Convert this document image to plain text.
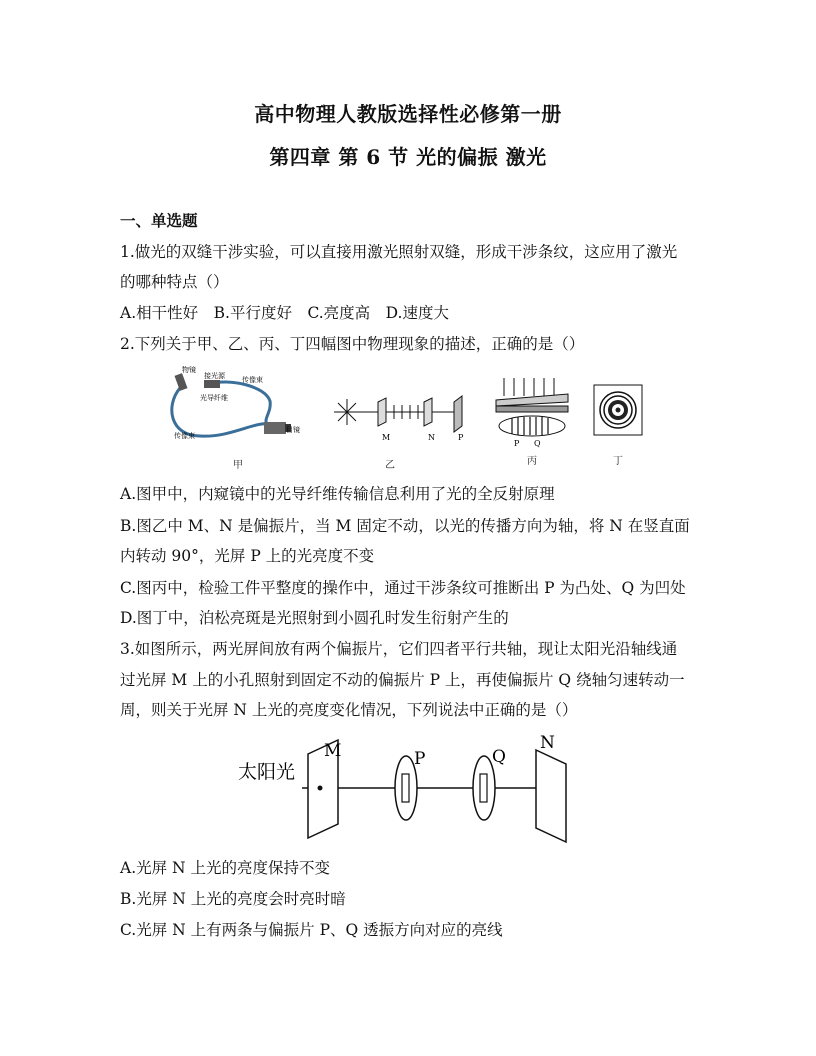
高中物理人教版选择性必修第一册
第四章 第 6 节 光的偏振 激光
一、单选题
1.做光的双缝干涉实验，可以直接用激光照射双缝，形成干涉条纹，这应用了激光
的哪种特点（）
A.相干性好　B.平行度好　C.亮度高　D.速度大
2.下列关于甲、乙、丙、丁四幅图中物理现象的描述，正确的是（）
物镜
接光源 传像束
光导纤维
传像束
目镜
M	N	P
P Q
甲	乙	丙	丁
A.图甲中，内窥镜中的光导纤维传输信息利用了光的全反射原理
B.图乙中 M、N 是偏振片，当 M 固定不动，以光的传播方向为轴，将 N 在竖直面
内转动 90°，光屏 P 上的光亮度不变
C.图丙中，检验工件平整度的操作中，通过干涉条纹可推断出 P 为凸处、Q 为凹处
D.图丁中，泊松亮斑是光照射到小圆孔时发生衍射产生的
3.如图所示，两光屏间放有两个偏振片，它们四者平行共轴，现让太阳光沿轴线通
过光屏 M 上的小孔照射到固定不动的偏振片 P 上，再使偏振片 Q 绕轴匀速转动一
周，则关于光屏 N 上光的亮度变化情况，下列说法中正确的是（）
太阳光
M	P	Q
N
A.光屏 N 上光的亮度保持不变
B.光屏 N 上光的亮度会时亮时暗
C.光屏 N 上有两条与偏振片 P、Q 透振方向对应的亮线
